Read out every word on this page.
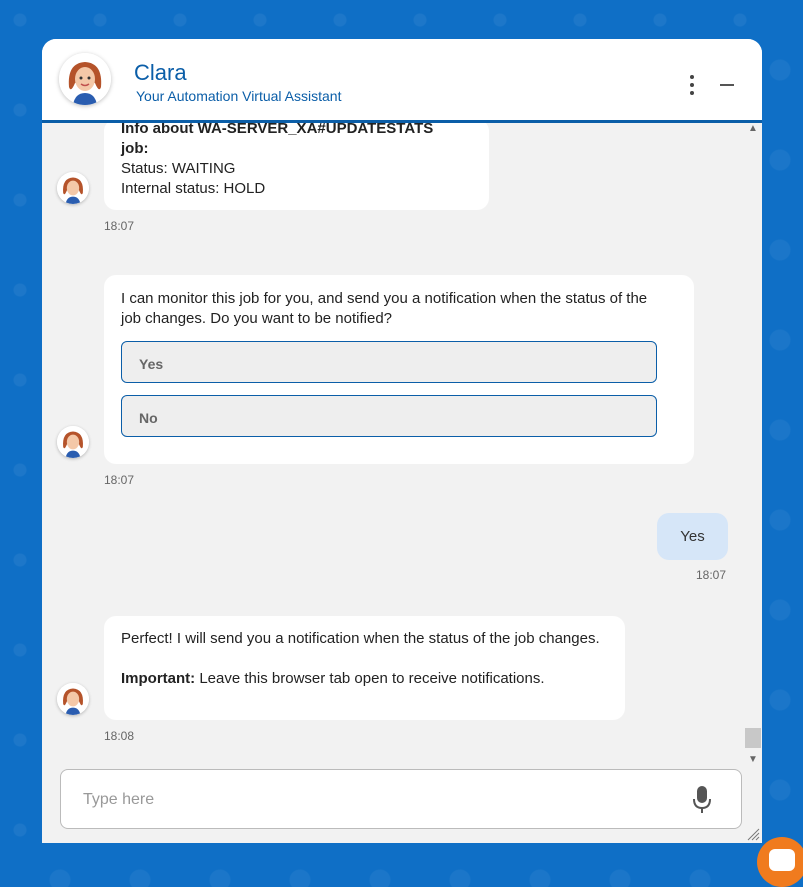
Clara
Your Automation Virtual Assistant
▲
▼
Info about WA-SERVER_XA#UPDATESTATS job:
Status: WAITING
Internal status: HOLD
18:07
I can monitor this job for you, and send you a notification when the status of the job changes. Do you want to be notified?
Yes
No
18:07
Yes
18:07
Perfect! I will send you a notification when the status of the job changes.
Important: Leave this browser tab open to receive notifications.
18:08
Type here
